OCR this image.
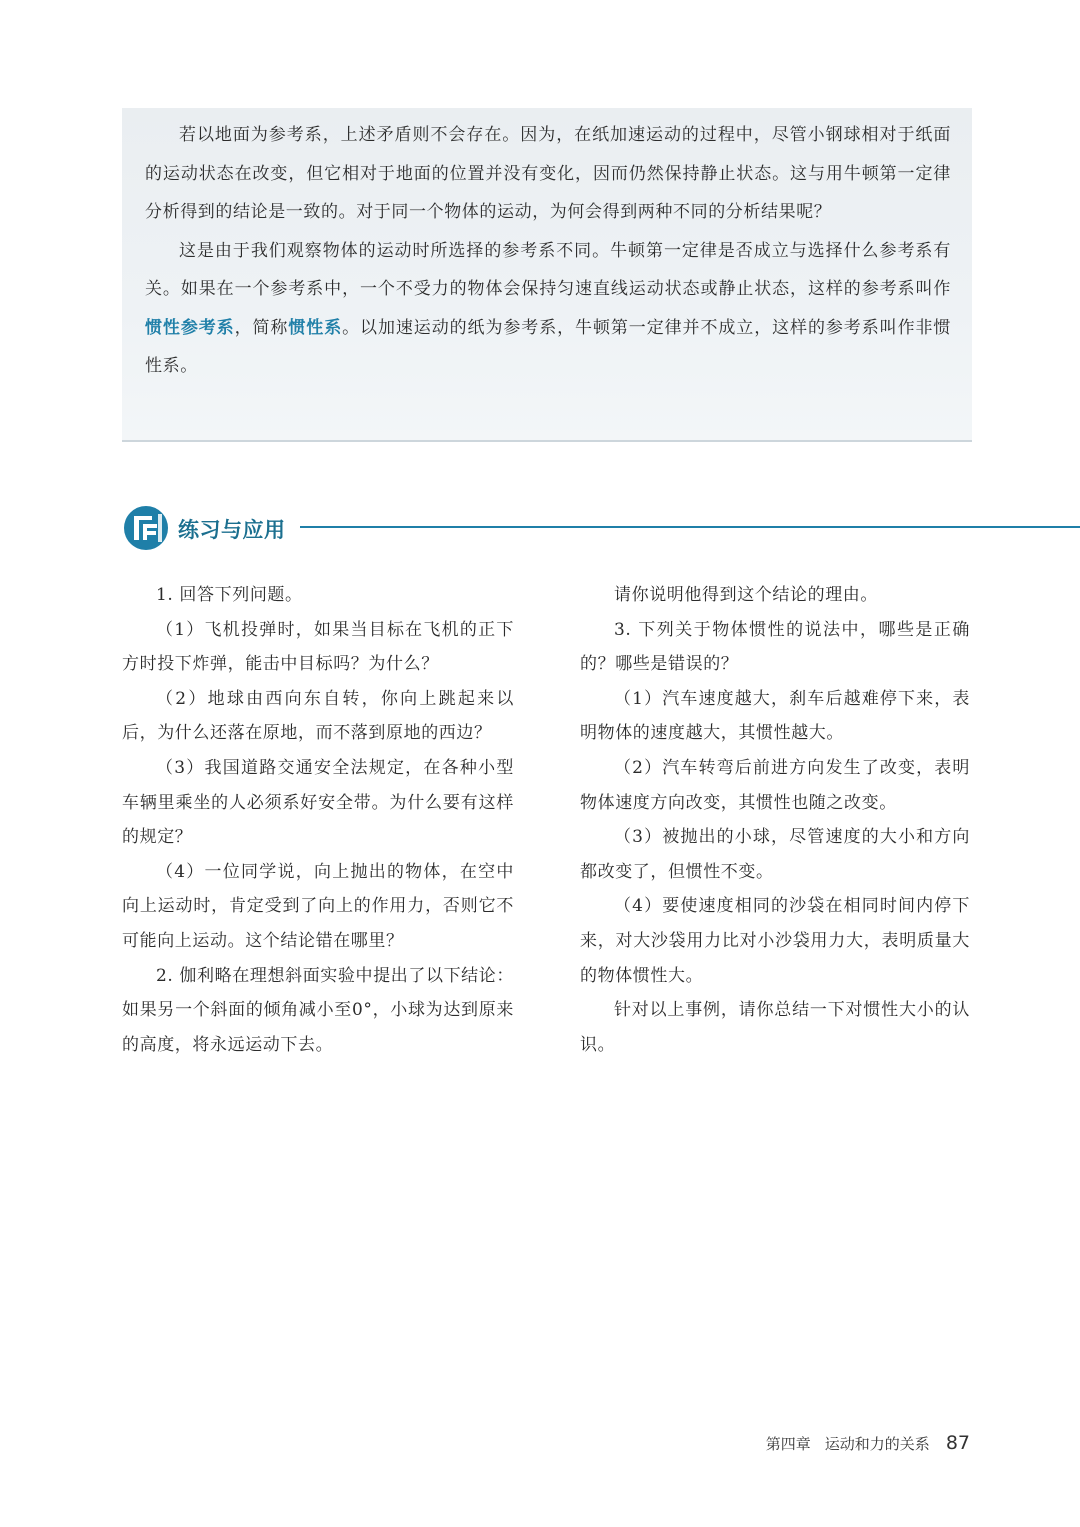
若以地面为参考系，上述矛盾则不会存在。因为，在纸加速运动的过程中，尽管小钢球相对于纸面的运动状态在改变，但它相对于地面的位置并没有变化，因而仍然保持静止状态。这与用牛顿第一定律分析得到的结论是一致的。对于同一个物体的运动，为何会得到两种不同的分析结果呢？

这是由于我们观察物体的运动时所选择的参考系不同。牛顿第一定律是否成立与选择什么参考系有关。如果在一个参考系中，一个不受力的物体会保持匀速直线运动状态或静止状态，这样的参考系叫作惯性参考系，简称惯性系。以加速运动的纸为参考系，牛顿第一定律并不成立，这样的参考系叫作非惯性系。

练习与应用

1. 回答下列问题。

（1）飞机投弹时，如果当目标在飞机的正下方时投下炸弹，能击中目标吗？为什么？

（2）地球由西向东自转，你向上跳起来以后，为什么还落在原地，而不落到原地的西边？

（3）我国道路交通安全法规定，在各种小型车辆里乘坐的人必须系好安全带。为什么要有这样的规定？

（4）一位同学说，向上抛出的物体，在空中向上运动时，肯定受到了向上的作用力，否则它不可能向上运动。这个结论错在哪里？

2. 伽利略在理想斜面实验中提出了以下结论：如果另一个斜面的倾角减小至0°，小球为达到原来的高度，将永远运动下去。

请你说明他得到这个结论的理由。

3. 下列关于物体惯性的说法中，哪些是正确的？哪些是错误的？

（1）汽车速度越大，刹车后越难停下来，表明物体的速度越大，其惯性越大。

（2）汽车转弯后前进方向发生了改变，表明物体速度方向改变，其惯性也随之改变。

（3）被抛出的小球，尽管速度的大小和方向都改变了，但惯性不变。

（4）要使速度相同的沙袋在相同时间内停下来，对大沙袋用力比对小沙袋用力大，表明质量大的物体惯性大。

针对以上事例，请你总结一下对惯性大小的认识。

第四章 运动和力的关系 87
